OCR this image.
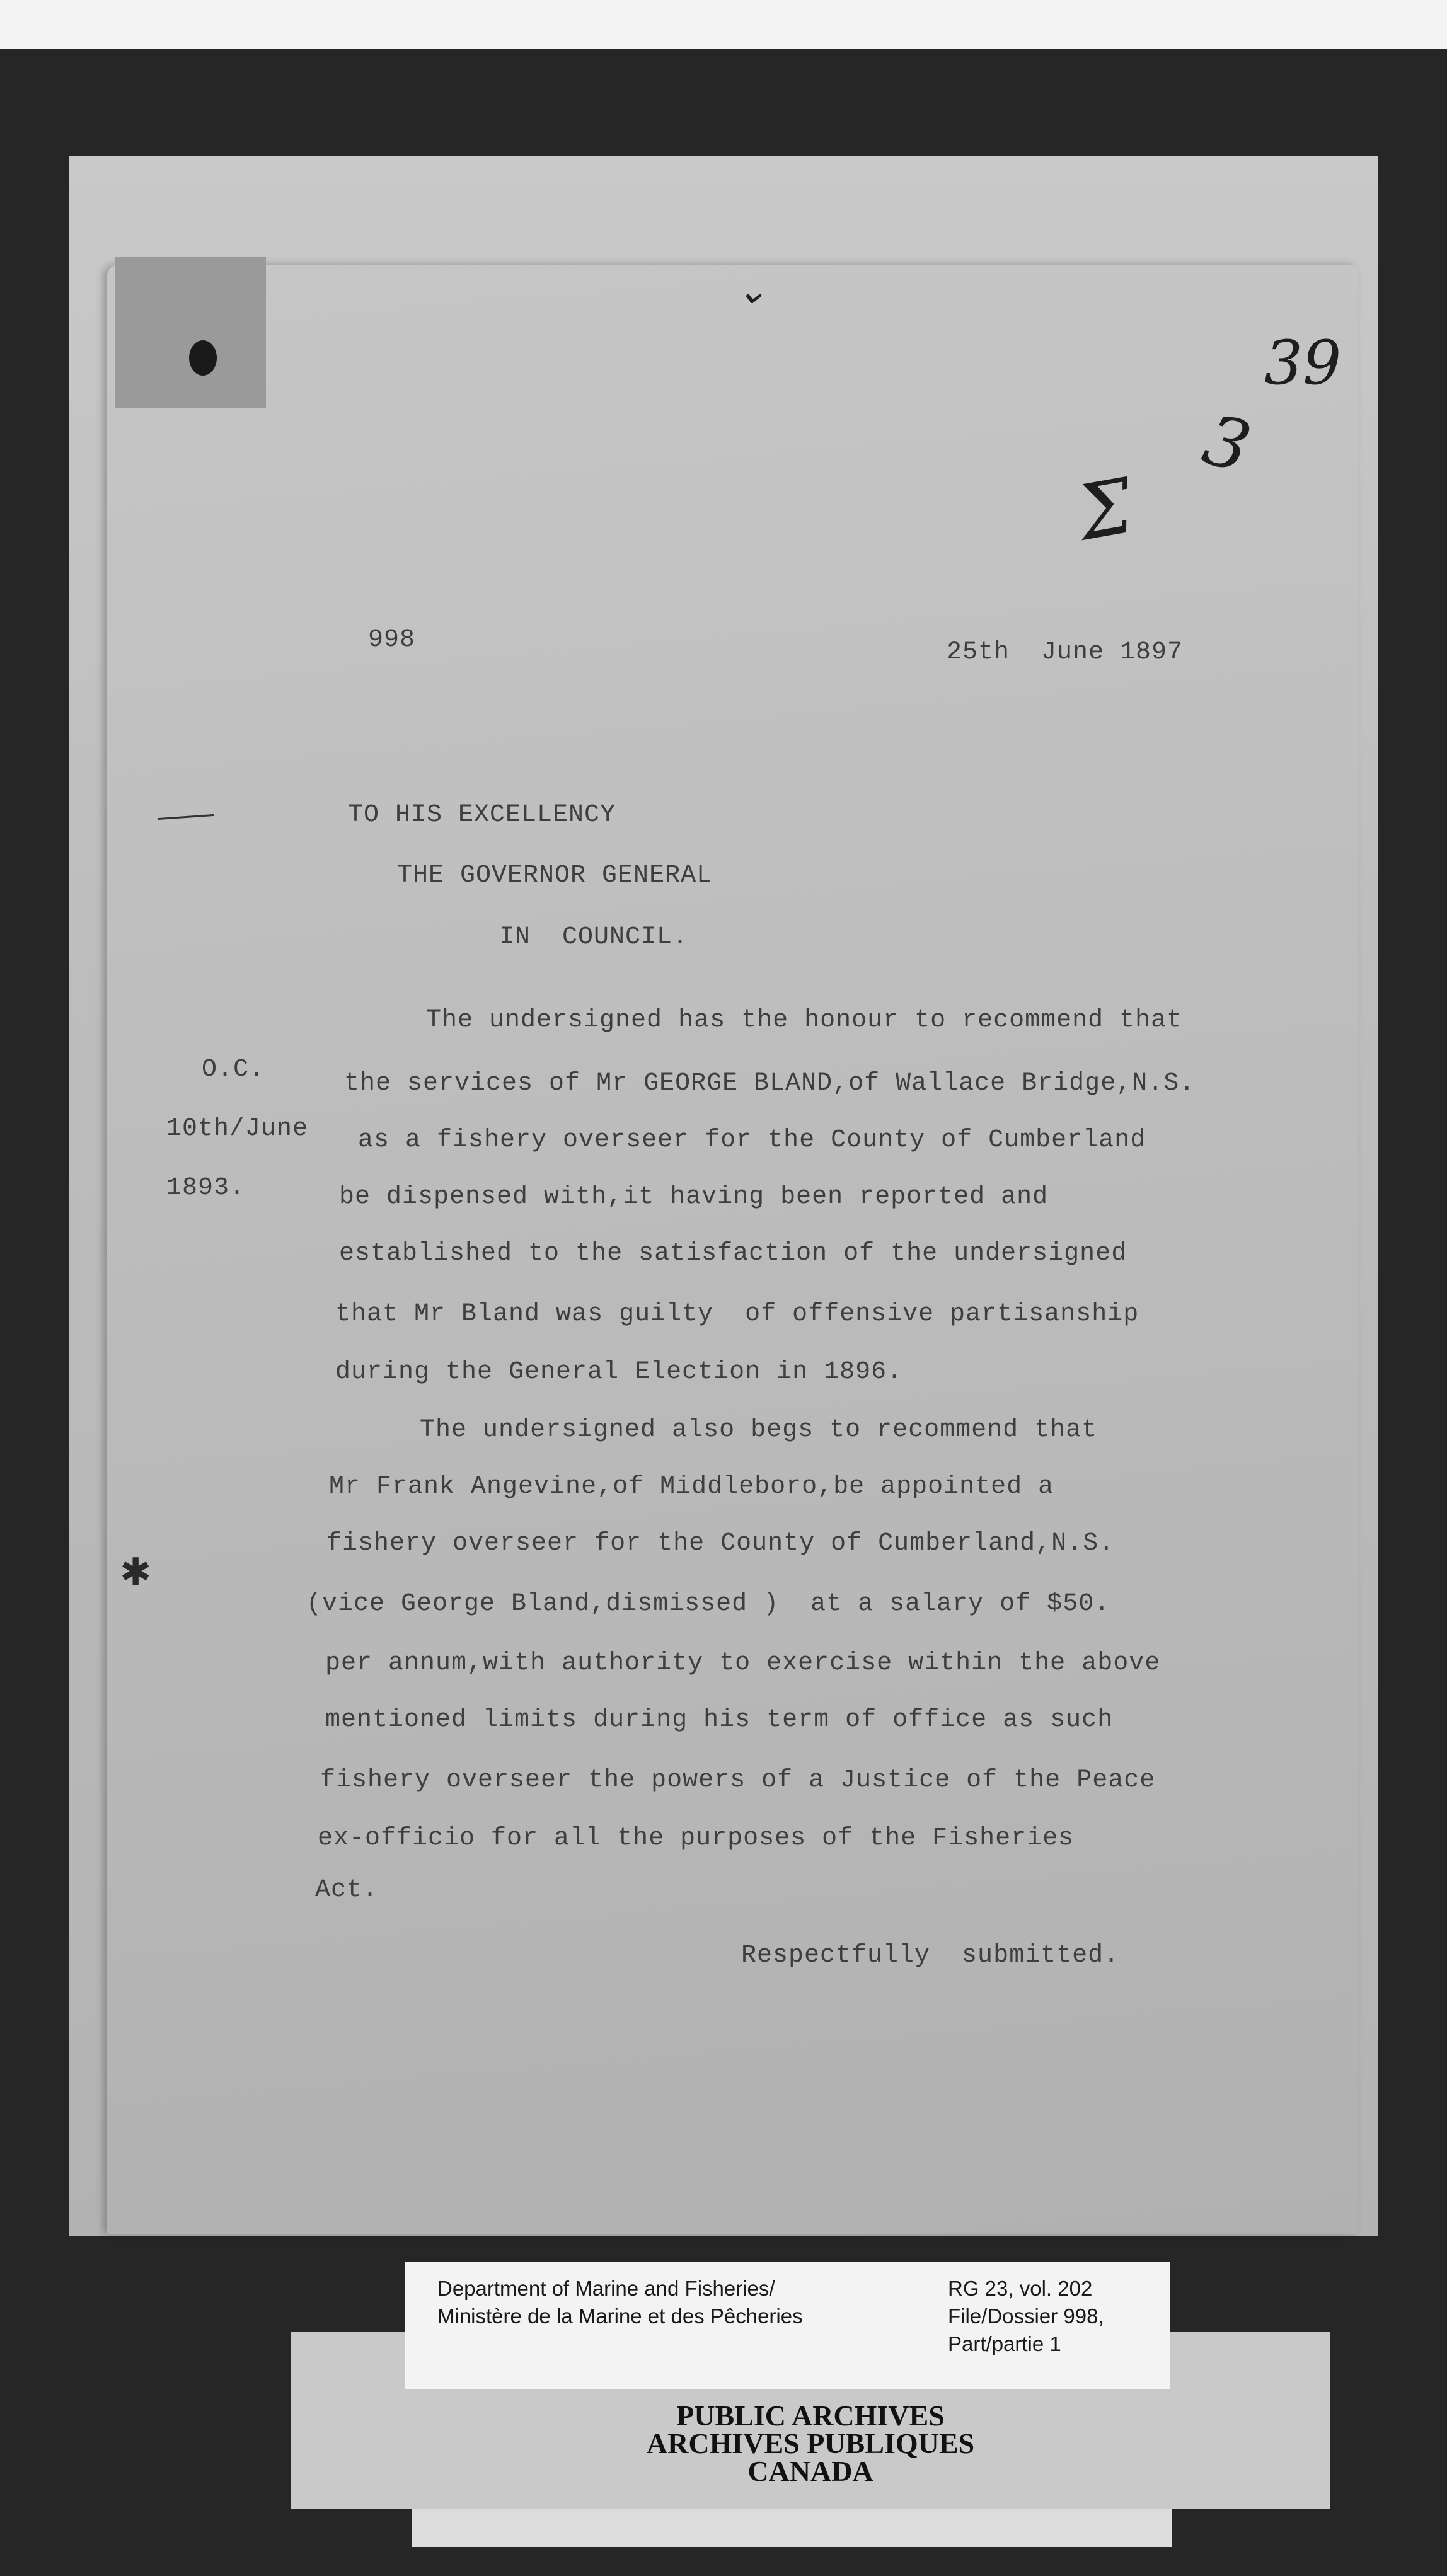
39
Σ
3
⌄
998	25th  June 1897
TO HIS EXCELLENCY
THE GOVERNOR GENERAL
IN  COUNCIL.
O.C.
10th/June
1893.
The undersigned has the honour to recommend that
the services of Mr GEORGE BLAND,of Wallace Bridge,N.S.
as a fishery overseer for the County of Cumberland
be dispensed with,it having been reported and
established to the satisfaction of the undersigned
that Mr Bland was guilty  of offensive partisanship
during the General Election in 1896.
The undersigned also begs to recommend that
Mr Frank Angevine,of Middleboro,be appointed a
fishery overseer for the County of Cumberland,N.S.
(vice George Bland,dismissed )  at a salary of $50.
per annum,with authority to exercise within the above
mentioned limits during his term of office as such
fishery overseer the powers of a Justice of the Peace
ex-officio for all the purposes of the Fisheries
Act.
✱
Respectfully  submitted.
Department of Marine and Fisheries/
Ministère de la Marine et des Pêcheries
RG 23, vol. 202
File/Dossier 998,
Part/partie 1
PUBLIC ARCHIVES
ARCHIVES PUBLIQUES
CANADA
